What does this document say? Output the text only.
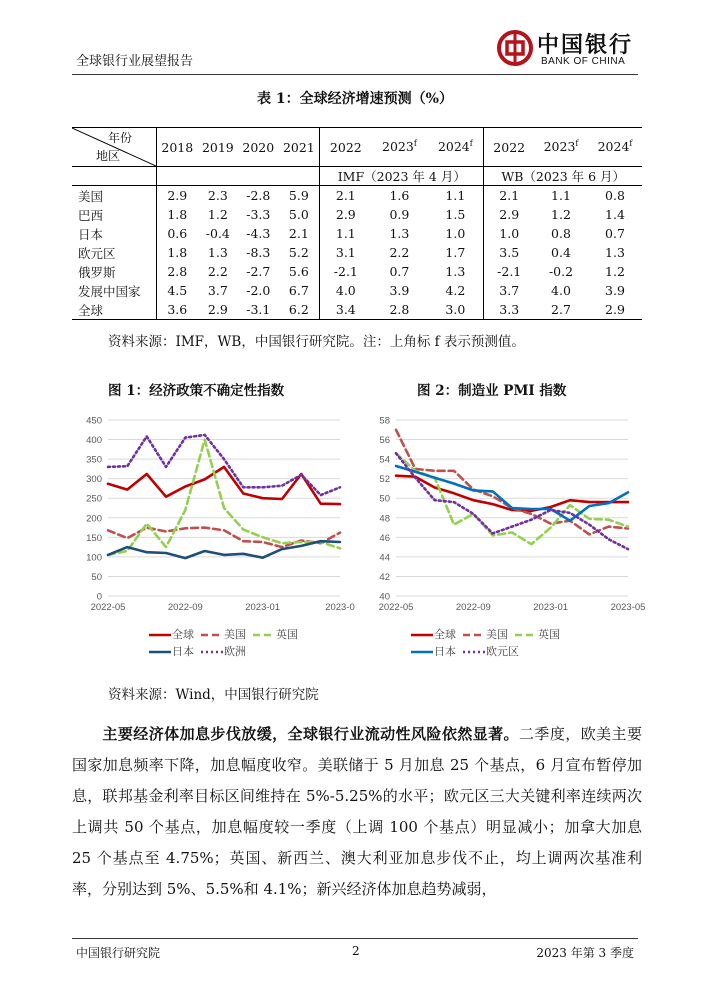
全球银行业展望报告
中国银行
BANK OF CHINA
表 1：全球经济增速预测（%）
年份
地区	2018	2019	2020	2021	2022	2023$^f$	2024$^f$	2022	2023$^f$	2024$^f$
					IMF（2023 年 4 月）			WB（2023 年 6 月）		
美国	2.9	2.3	-2.8	5.9	2.1	1.6	1.1	2.1	1.1	0.8
巴西	1.8	1.2	-3.3	5.0	2.9	0.9	1.5	2.9	1.2	1.4
日本	0.6	-0.4	-4.3	2.1	1.1	1.3	1.0	1.0	0.8	0.7
欧元区	1.8	1.3	-8.3	5.2	3.1	2.2	1.7	3.5	0.4	1.3
俄罗斯	2.8	2.2	-2.7	5.6	-2.1	0.7	1.3	-2.1	-0.2	1.2
发展中国家	4.5	3.7	-2.0	6.7	4.0	3.9	4.2	3.7	4.0	3.9
全球	3.6	2.9	-3.1	6.2	3.4	2.8	3.0	3.3	2.7	2.9
资料来源：IMF，WB，中国银行研究院。注：上角标 f 表示预测值。
图 1：经济政策不确定性指数	图 2：制造业 PMI 指数
0
50
100
150
200
250
300
350
400
450
2022-05	2022-09	2023-01	2023-0
40
42
44
46
48
50
52
54
56
58
2022-05	2022-09	2023-01	2023-05
全球	美国	英国
日本	欧洲
全球	美国	英国
日本	欧元区
资料来源：Wind，中国银行研究院
主要经济体加息步伐放缓，全球银行业流动性风险依然显著。二季度，欧美主要国家加息频率下降，加息幅度收窄。美联储于 5 月加息 25 个基点，6 月宣布暂停加息，联邦基金利率目标区间维持在 5%-5.25%的水平；欧元区三大关键利率连续两次上调共 50 个基点，加息幅度较一季度（上调 100 个基点）明显减小；加拿大加息 25 个基点至 4.75%；英国、新西兰、澳大利亚加息步伐不止，均上调两次基准利率，分别达到 5%、5.5%和 4.1%；新兴经济体加息趋势减弱，
中国银行研究院	2	2023 年第 3 季度
